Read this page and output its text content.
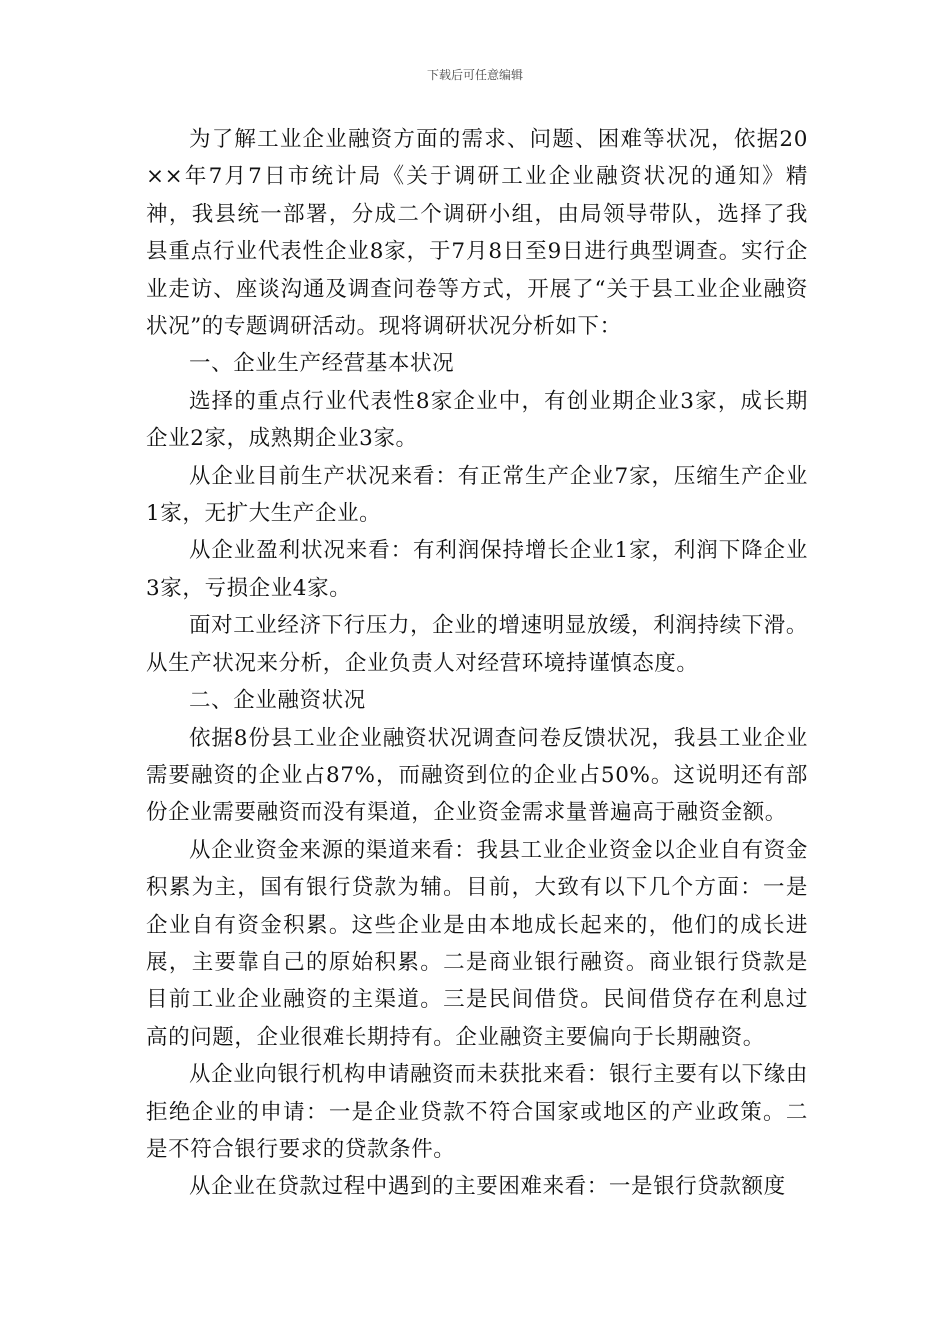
下载后可任意编辑

为了解工业企业融资方面的需求、问题、困难等状况，依据20××年7月7日市统计局《关于调研工业企业融资状况的通知》精神，我县统一部署，分成二个调研小组，由局领导带队，选择了我县重点行业代表性企业8家，于7月8日至9日进行典型调查。实行企业走访、座谈沟通及调查问卷等方式，开展了“关于县工业企业融资状况”的专题调研活动。现将调研状况分析如下：

一、企业生产经营基本状况

选择的重点行业代表性8家企业中，有创业期企业3家，成长期企业2家，成熟期企业3家。

从企业目前生产状况来看：有正常生产企业7家，压缩生产企业1家，无扩大生产企业。

从企业盈利状况来看：有利润保持增长企业1家，利润下降企业3家，亏损企业4家。

面对工业经济下行压力，企业的增速明显放缓，利润持续下滑。从生产状况来分析，企业负责人对经营环境持谨慎态度。

二、企业融资状况

依据8份县工业企业融资状况调查问卷反馈状况，我县工业企业需要融资的企业占87%，而融资到位的企业占50%。这说明还有部份企业需要融资而没有渠道，企业资金需求量普遍高于融资金额。

从企业资金来源的渠道来看：我县工业企业资金以企业自有资金积累为主，国有银行贷款为辅。目前，大致有以下几个方面：一是企业自有资金积累。这些企业是由本地成长起来的，他们的成长进展，主要靠自己的原始积累。二是商业银行融资。商业银行贷款是目前工业企业融资的主渠道。三是民间借贷。民间借贷存在利息过高的问题，企业很难长期持有。企业融资主要偏向于长期融资。

从企业向银行机构申请融资而未获批来看：银行主要有以下缘由拒绝企业的申请：一是企业贷款不符合国家或地区的产业政策。二是不符合银行要求的贷款条件。

从企业在贷款过程中遇到的主要困难来看：一是银行贷款额度
